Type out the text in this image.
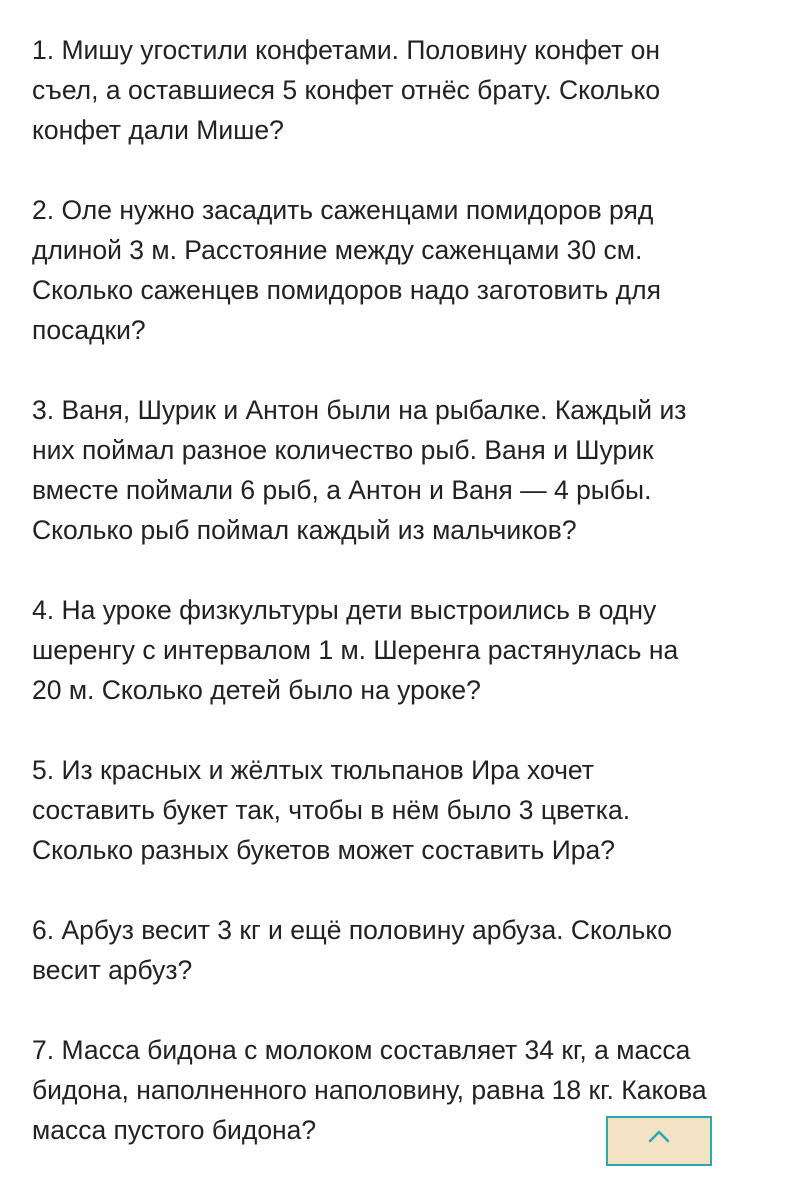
1. Мишу угостили конфетами. Половину конфет он
съел, а оставшиеся 5 конфет отнёс брату. Сколько
конфет дали Мише?

2. Оле нужно засадить саженцами помидоров ряд
длиной 3 м. Расстояние между саженцами 30 см.
Сколько саженцев помидоров надо заготовить для
посадки?

3. Ваня, Шурик и Антон были на рыбалке. Каждый из
них поймал разное количество рыб. Ваня и Шурик
вместе поймали 6 рыб, а Антон и Ваня — 4 рыбы.
Сколько рыб поймал каждый из мальчиков?

4. На уроке физкультуры дети выстроились в одну
шеренгу с интервалом 1 м. Шеренга растянулась на
20 м. Сколько детей было на уроке?

5. Из красных и жёлтых тюльпанов Ира хочет
составить букет так, чтобы в нём было 3 цветка.
Сколько разных букетов может составить Ира?

6. Арбуз весит 3 кг и ещё половину арбуза. Сколько
весит арбуз?

7. Масса бидона с молоком составляет 34 кг, а масса
бидона, наполненного наполовину, равна 18 кг. Какова
масса пустого бидона?
